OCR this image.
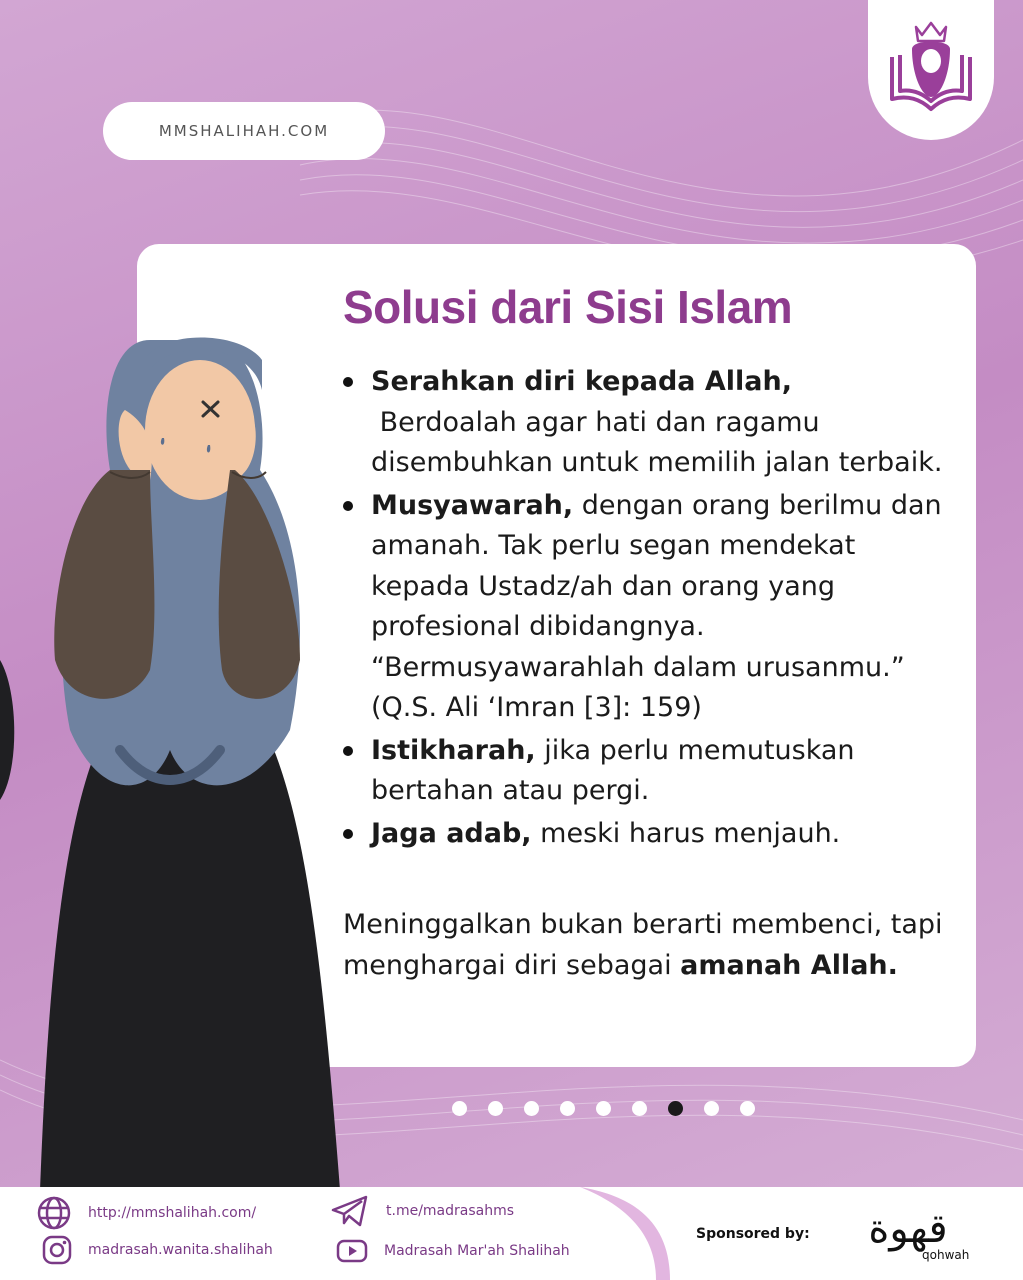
MMSHALIHAH.COM
Solusi dari Sisi Islam
Serahkan diri kepada Allah,
Berdoalah agar hati dan ragamu disembuhkan untuk memilih jalan terbaik.
Musyawarah, dengan orang berilmu dan amanah. Tak perlu segan mendekat kepada Ustadz/ah dan orang yang profesional dibidangnya. “Bermusyawarahlah dalam urusanmu.” (Q.S. Ali ‘Imran [3]: 159)
Istikharah, jika perlu memutuskan bertahan atau pergi.
Jaga adab, meski harus menjauh.

Meninggalkan bukan berarti membenci, tapi menghargai diri sebagai amanah Allah.

http://mmshalihah.com/
madrasah.wanita.shalihah
t.me/madrasahms
Madrasah Mar'ah Shalihah
Sponsored by: قهوة
qohwah
